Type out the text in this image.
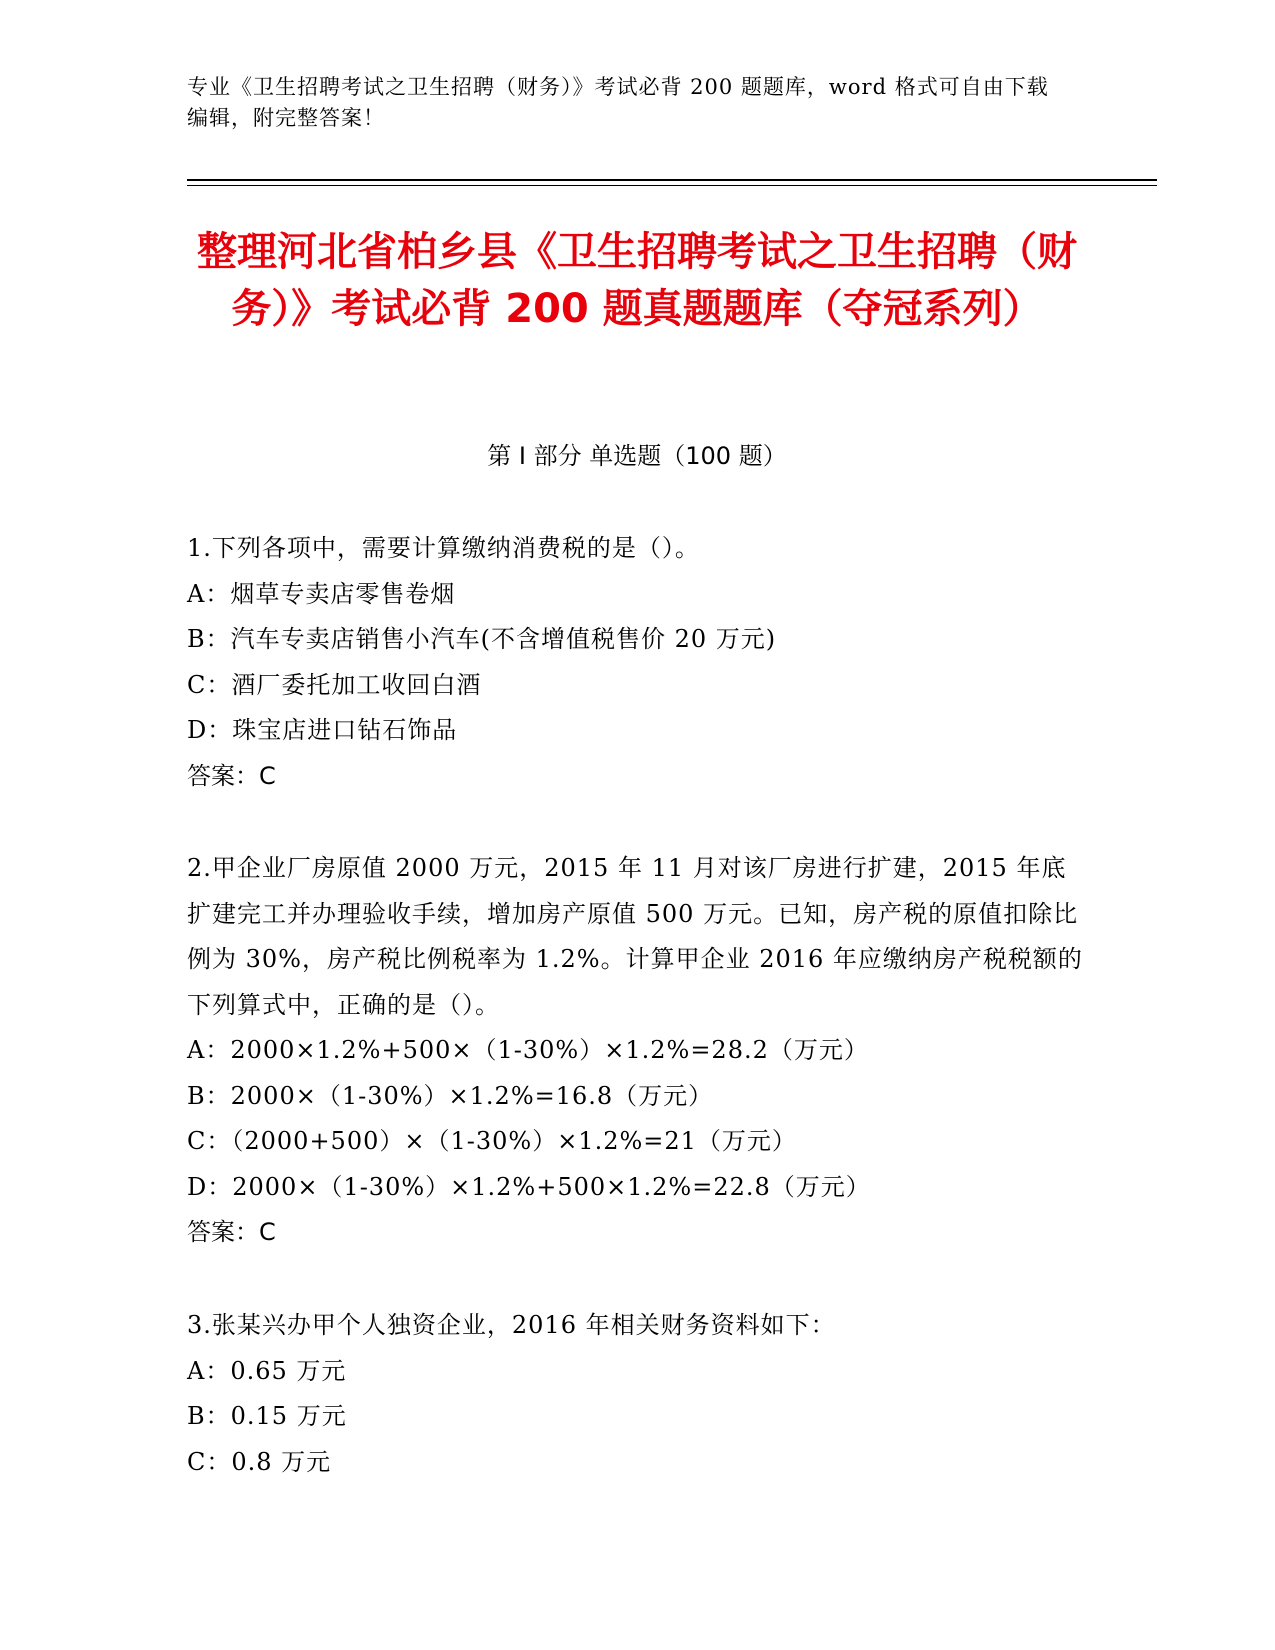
专业《卫生招聘考试之卫生招聘（财务）》考试必背 200 题题库，word 格式可自由下载编辑，附完整答案！
整理河北省柏乡县《卫生招聘考试之卫生招聘（财务）》考试必背 200 题真题题库（夺冠系列）
第 I 部分 单选题（100 题）
1.下列各项中，需要计算缴纳消费税的是（）。
A：烟草专卖店零售卷烟
B：汽车专卖店销售小汽车(不含增值税售价 20 万元)
C：酒厂委托加工收回白酒
D：珠宝店进口钻石饰品
答案：C
2.甲企业厂房原值 2000 万元，2015 年 11 月对该厂房进行扩建，2015 年底扩建完工并办理验收手续，增加房产原值 500 万元。已知，房产税的原值扣除比例为 30%，房产税比例税率为 1.2%。计算甲企业 2016 年应缴纳房产税税额的下列算式中，正确的是（）。
A：2000×1.2%+500×（1-30%）×1.2%=28.2（万元）
B：2000×（1-30%）×1.2%=16.8（万元）
C：（2000+500）×（1-30%）×1.2%=21（万元）
D：2000×（1-30%）×1.2%+500×1.2%=22.8（万元）
答案：C
3.张某兴办甲个人独资企业，2016 年相关财务资料如下：
A：0.65 万元
B：0.15 万元
C：0.8 万元
